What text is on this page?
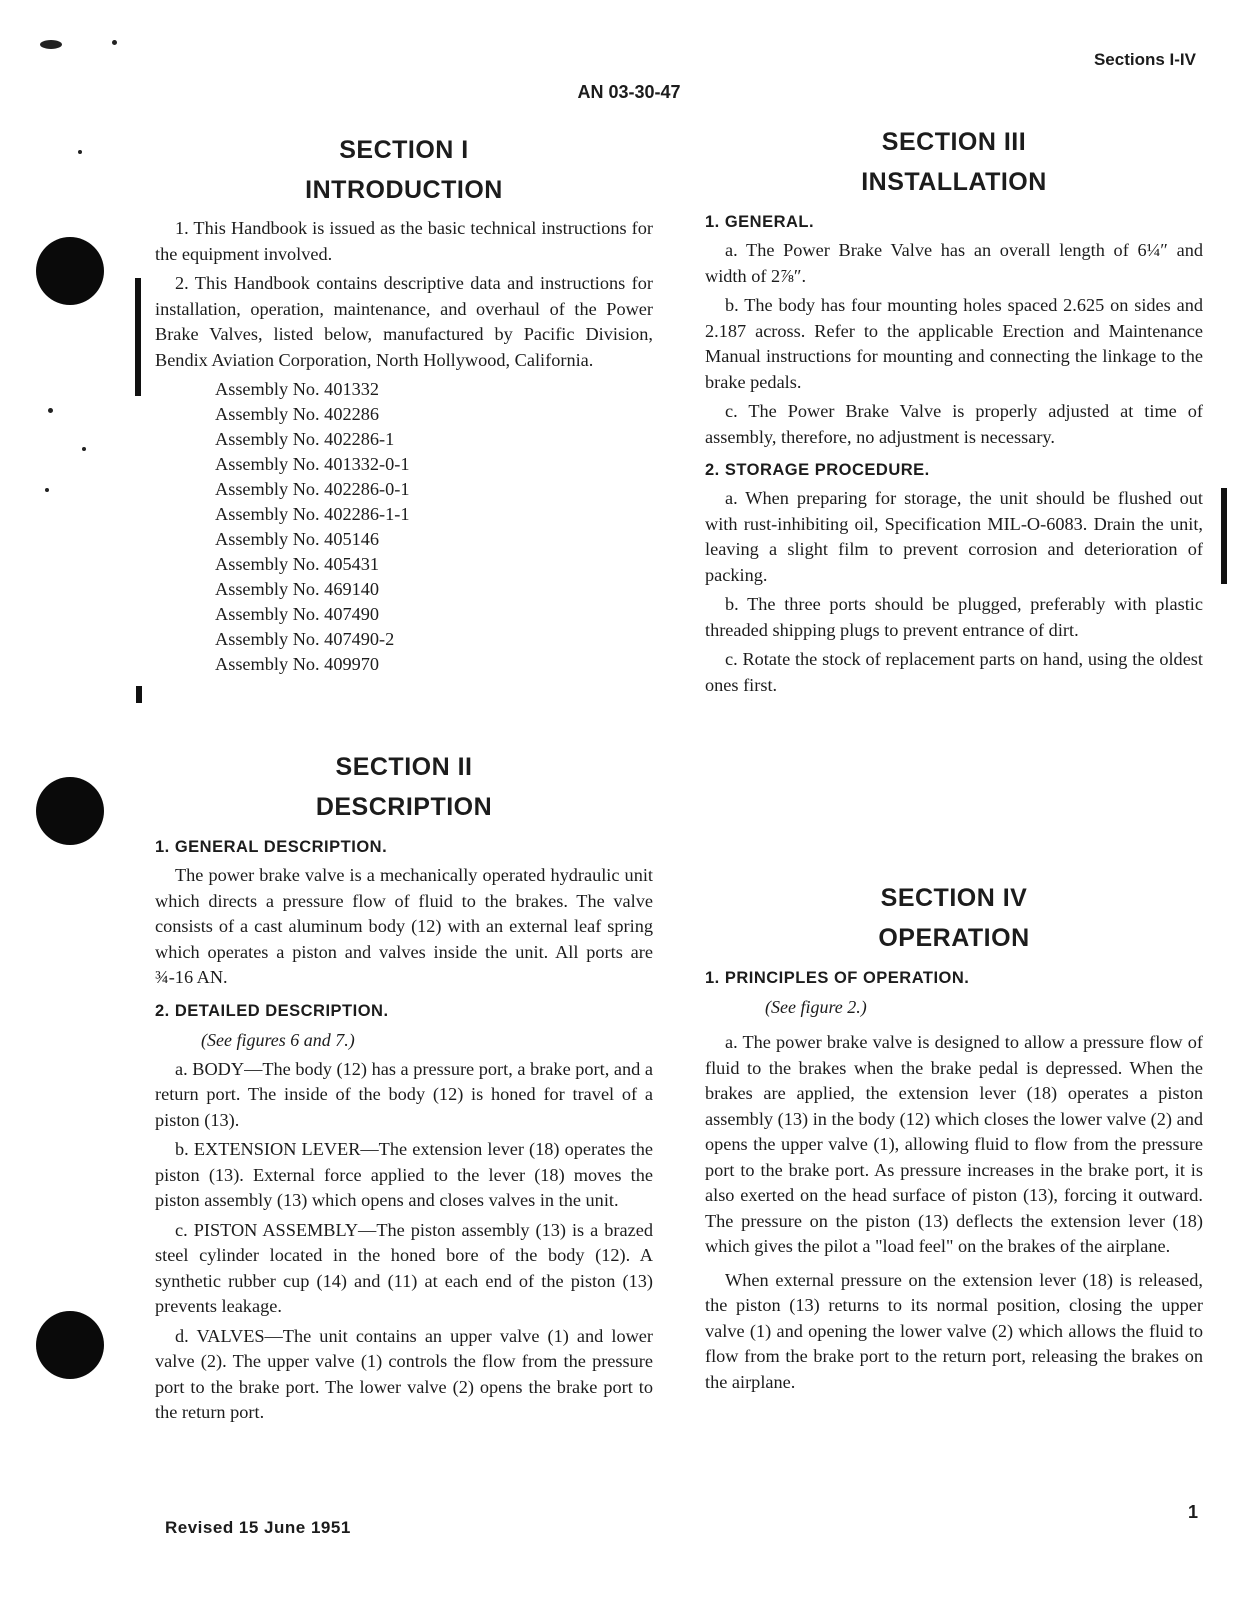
Sections I-IV
AN 03-30-47
SECTION I
INTRODUCTION

1. This Handbook is issued as the basic technical instructions for the equipment involved.

2. This Handbook contains descriptive data and instructions for installation, operation, maintenance, and overhaul of the Power Brake Valves, listed below, manufactured by Pacific Division, Bendix Aviation Corporation, North Hollywood, California.

Assembly No. 401332
Assembly No. 402286
Assembly No. 402286-1
Assembly No. 401332-0-1
Assembly No. 402286-0-1
Assembly No. 402286-1-1
Assembly No. 405146
Assembly No. 405431
Assembly No. 469140
Assembly No. 407490
Assembly No. 407490-2
Assembly No. 409970
SECTION II
DESCRIPTION
1. GENERAL DESCRIPTION.

The power brake valve is a mechanically operated hydraulic unit which directs a pressure flow of fluid to the brakes. The valve consists of a cast aluminum body (12) with an external leaf spring which operates a piston and valves inside the unit. All ports are ¾-16 AN.

2. DETAILED DESCRIPTION.
(See figures 6 and 7.)

a. BODY—The body (12) has a pressure port, a brake port, and a return port. The inside of the body (12) is honed for travel of a piston (13).

b. EXTENSION LEVER—The extension lever (18) operates the piston (13). External force applied to the lever (18) moves the piston assembly (13) which opens and closes valves in the unit.

c. PISTON ASSEMBLY—The piston assembly (13) is a brazed steel cylinder located in the honed bore of the body (12). A synthetic rubber cup (14) and (11) at each end of the piston (13) prevents leakage.

d. VALVES—The unit contains an upper valve (1) and lower valve (2). The upper valve (1) controls the flow from the pressure port to the brake port. The lower valve (2) opens the brake port to the return port.

SECTION III
INSTALLATION
1. GENERAL.

a. The Power Brake Valve has an overall length of 6¼″ and width of 2⅞″.

b. The body has four mounting holes spaced 2.625 on sides and 2.187 across. Refer to the applicable Erection and Maintenance Manual instructions for mounting and connecting the linkage to the brake pedals.

c. The Power Brake Valve is properly adjusted at time of assembly, therefore, no adjustment is necessary.

2. STORAGE PROCEDURE.

a. When preparing for storage, the unit should be flushed out with rust-inhibiting oil, Specification MIL-O-6083. Drain the unit, leaving a slight film to prevent corrosion and deterioration of packing.

b. The three ports should be plugged, preferably with plastic threaded shipping plugs to prevent entrance of dirt.

c. Rotate the stock of replacement parts on hand, using the oldest ones first.

SECTION IV
OPERATION
1. PRINCIPLES OF OPERATION.
(See figure 2.)

a. The power brake valve is designed to allow a pressure flow of fluid to the brakes when the brake pedal is depressed. When the brakes are applied, the extension lever (18) operates a piston assembly (13) in the body (12) which closes the lower valve (2) and opens the upper valve (1), allowing fluid to flow from the pressure port to the brake port. As pressure increases in the brake port, it is also exerted on the head surface of piston (13), forcing it outward. The pressure on the piston (13) deflects the extension lever (18) which gives the pilot a "load feel" on the brakes of the airplane.

When external pressure on the extension lever (18) is released, the piston (13) returns to its normal position, closing the upper valve (1) and opening the lower valve (2) which allows the fluid to flow from the brake port to the return port, releasing the brakes on the airplane.

Revised 15 June 1951
1
